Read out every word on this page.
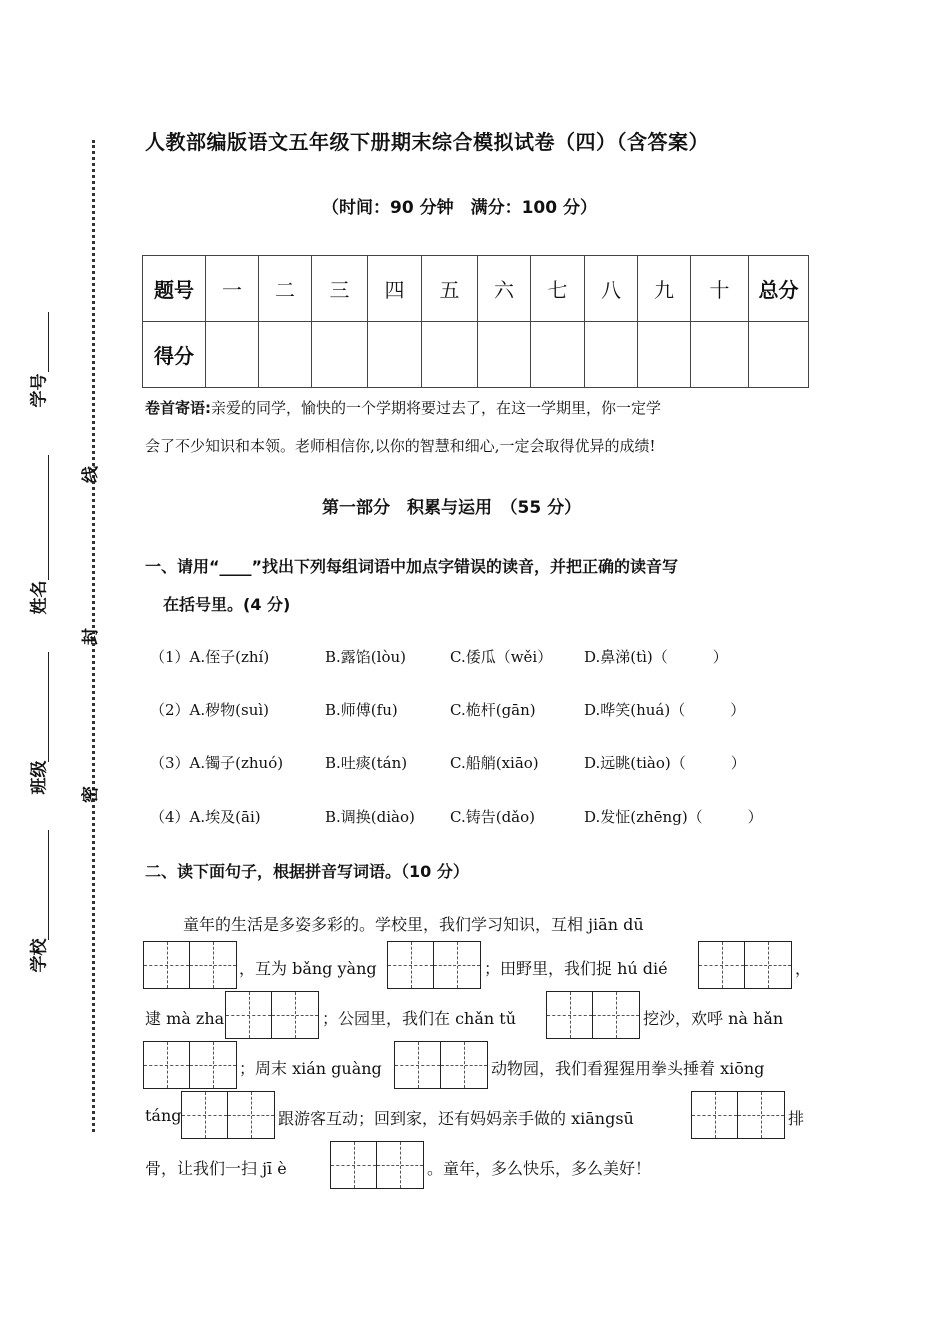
学号
姓名
班级
学校
线
封
密
人教部编版语文五年级下册期末综合模拟试卷（四）（含答案）
（时间：90 分钟　满分：100 分）
题号	一	二	三	四	五	六	七	八	九	十	总分
得分											
卷首寄语:亲爱的同学，愉快的一个学期将要过去了，在这一学期里，你一定学
会了不少知识和本领。老师相信你,以你的智慧和细心,一定会取得优异的成绩!
第一部分　积累与运用　（55 分）
一、请用“____”找出下列每组词语中加点字错误的读音，并把正确的读音写
在括号里。(4 分)
（1）A.侄子(zhí)	B.露馅(lòu)	C.倭瓜（wěi） D.鼻涕(tì)（　　　）
（2）A.秽物(suì)	B.师傅(fu)	C.桅杆(gān)	D.哗笑(huá)（　　　）
（3）A.镯子(zhuó)	B.吐痰(tán)	C.船艄(xiāo)	D.远眺(tiào)（　　　）
（4）A.埃及(āi)	B.调换(diào) C.铸告(dǎo)	D.发怔(zhēng)（　　　）
二、读下面句子，根据拼音写词语。（10 分）
童年的生活是多姿多彩的。学校里，我们学习知识，互相 jiān dū
，互为 bǎng yàng	；田野里，我们捉 hú dié	，
逮 mà zha	；公园里，我们在 chǎn tǔ	挖沙，欢呼 nà hǎn
；周末 xián guàng	动物园，我们看猩猩用拳头捶着 xiōng
táng	跟游客互动；回到家，还有妈妈亲手做的 xiāngsū	排
骨，让我们一扫 jī è	。童年，多么快乐，多么美好！
